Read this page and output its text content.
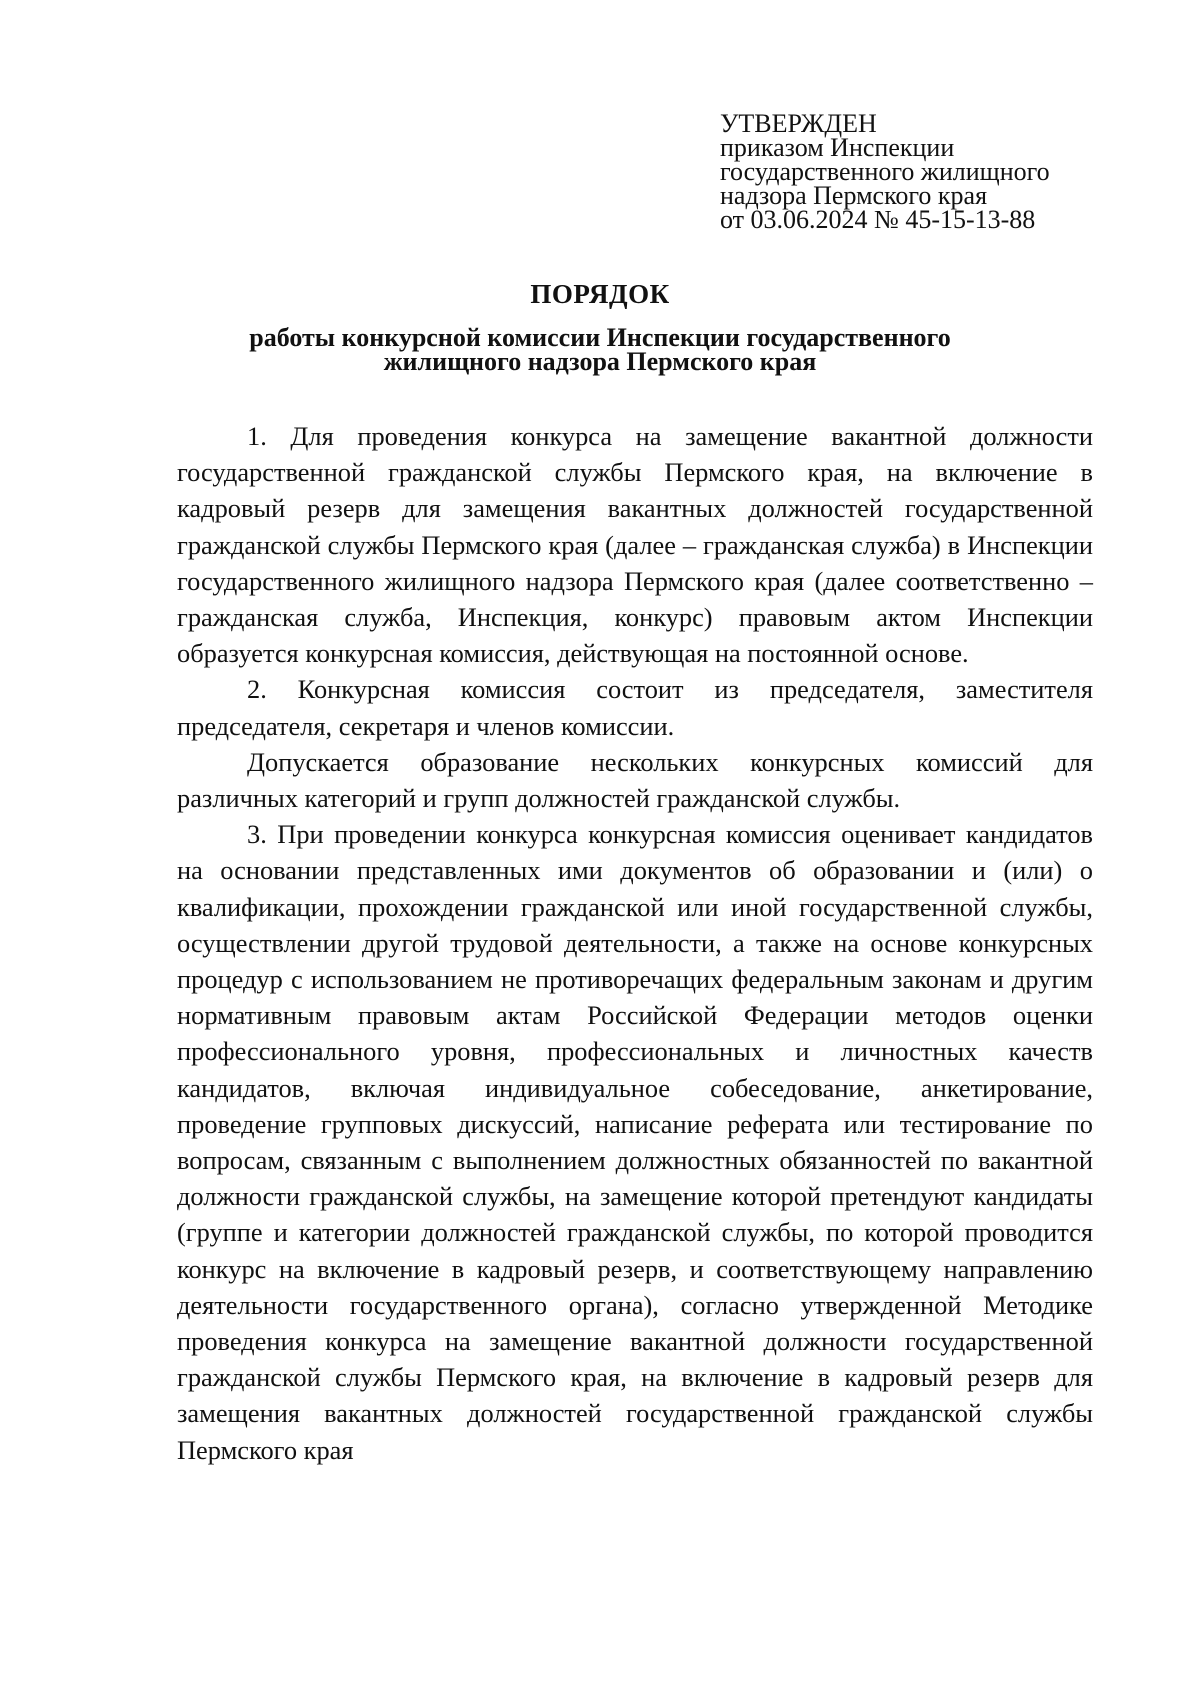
УТВЕРЖДЕН
приказом Инспекции
государственного жилищного
надзора Пермского края
от 03.06.2024 № 45-15-13-88
ПОРЯДОК
работы конкурсной комиссии Инспекции государственного
жилищного надзора Пермского края

1. Для проведения конкурса на замещение вакантной должности государственной гражданской службы Пермского края, на включение в кадровый резерв для замещения вакантных должностей государственной гражданской службы Пермского края (далее – гражданская служба) в Инспекции государственного жилищного надзора Пермского края (далее соответственно – гражданская служба, Инспекция, конкурс) правовым актом Инспекции образуется конкурсная комиссия, действующая на постоянной основе.

2. Конкурсная комиссия состоит из председателя, заместителя председателя, секретаря и членов комиссии.

Допускается образование нескольких конкурсных комиссий для различных категорий и групп должностей гражданской службы.

3. При проведении конкурса конкурсная комиссия оценивает кандидатов на основании представленных ими документов об образовании и (или) о квалификации, прохождении гражданской или иной государственной службы, осуществлении другой трудовой деятельности, а также на основе конкурсных процедур с использованием не противоречащих федеральным законам и другим нормативным правовым актам Российской Федерации методов оценки профессионального уровня, профессиональных и личностных качеств кандидатов, включая индивидуальное собеседование, анкетирование, проведение групповых дискуссий, написание реферата или тестирование по вопросам, связанным с выполнением должностных обязанностей по вакантной должности гражданской службы, на замещение которой претендуют кандидаты (группе и категории должностей гражданской службы, по которой проводится конкурс на включение в кадровый резерв, и соответствующему направлению деятельности государственного органа), согласно утвержденной Методике проведения конкурса на замещение вакантной должности государственной гражданской службы Пермского края, на включение в кадровый резерв для замещения вакантных должностей государственной гражданской службы Пермского края
